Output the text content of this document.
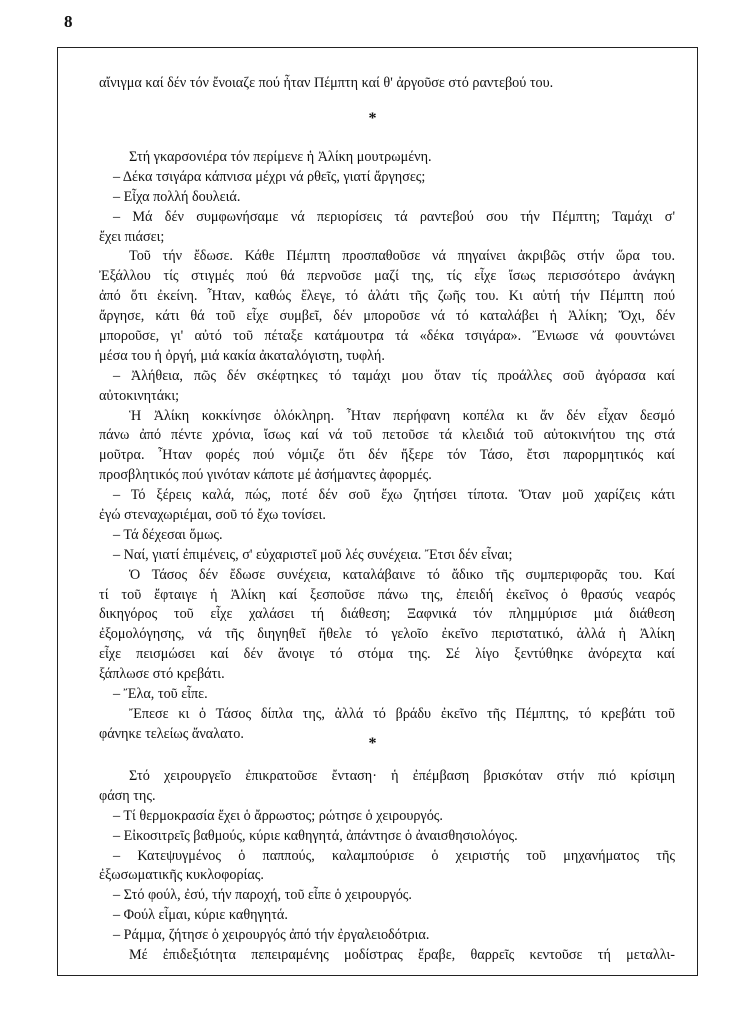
8
αἴνιγμα καί δέν τόν ἔνοιαζε πού ἦταν Πέμπτη καί θ' ἀργοῦσε στό ραντεβού του.
*
Στή γκαρσονιέρα τόν περίμενε ἡ Ἀλίκη μουτρωμένη.
– Δέκα τσιγάρα κάπνισα μέχρι νά ρθεῖς, γιατί ἄργησες;
– Εἶχα πολλή δουλειά.
– Μά δέν συμφωνήσαμε νά περιορίσεις τά ραντεβού σου τήν Πέμπτη; Ταμάχι σ'
ἔχει πιάσει;
Τοῦ τήν ἔδωσε. Κάθε Πέμπτη προσπαθοῦσε νά πηγαίνει ἀκριβῶς στήν ὥρα του.
Ἐξάλλου τίς στιγμές πού θά περνοῦσε μαζί της, τίς εἶχε ἴσως περισσότερο ἀνάγκη
ἀπό ὅτι ἐκείνη. Ἦταν, καθώς ἔλεγε, τό ἁλάτι τῆς ζωῆς του. Κι αὐτή τήν Πέμπτη πού
ἄργησε, κάτι θά τοῦ εἶχε συμβεῖ, δέν μποροῦσε νά τό καταλάβει ἡ Ἀλίκη; Ὄχι, δέν
μποροῦσε, γι' αὐτό τοῦ πέταξε κατάμουτρα τά «δέκα τσιγάρα». Ἔνιωσε νά φουντώνει
μέσα του ἡ ὀργή, μιά κακία ἀκαταλόγιστη, τυφλή.
– Ἀλήθεια, πῶς δέν σκέφτηκες τό ταμάχι μου ὅταν τίς προάλλες σοῦ ἀγόρασα καί
αὐτοκινητάκι;
Ἡ Ἀλίκη κοκκίνησε ὁλόκληρη. Ἦταν περήφανη κοπέλα κι ἄν δέν εἶχαν δεσμό
πάνω ἀπό πέντε χρόνια, ἴσως καί νά τοῦ πετοῦσε τά κλειδιά τοῦ αὐτοκινήτου της στά
μοῦτρα. Ἦταν φορές πού νόμιζε ὅτι δέν ἤξερε τόν Τάσο, ἔτσι παρορμητικός καί
προσβλητικός πού γινόταν κάποτε μέ ἀσήμαντες ἀφορμές.
– Τό ξέρεις καλά, πώς, ποτέ δέν σοῦ ἔχω ζητήσει τίποτα. Ὅταν μοῦ χαρίζεις κάτι
ἐγώ στεναχωριέμαι, σοῦ τό ἔχω τονίσει.
– Τά δέχεσαι ὅμως.
– Ναί, γιατί ἐπιμένεις, σ' εὐχαριστεῖ μοῦ λές συνέχεια. Ἔτσι δέν εἶναι;
Ὁ Τάσος δέν ἔδωσε συνέχεια, καταλάβαινε τό ἄδικο τῆς συμπεριφορᾶς του. Καί
τί τοῦ ἔφταιγε ἡ Ἀλίκη καί ξεσποῦσε πάνω της, ἐπειδή ἐκεῖνος ὁ θρασύς νεαρός
δικηγόρος τοῦ εἶχε χαλάσει τή διάθεση; Ξαφνικά τόν πλημμύρισε μιά διάθεση
ἐξομολόγησης, νά τῆς διηγηθεῖ ἤθελε τό γελοῖο ἐκεῖνο περιστατικό, ἀλλά ἡ Ἀλίκη
εἶχε πεισμώσει καί δέν ἄνοιγε τό στόμα της. Σέ λίγο ξεντύθηκε ἀνόρεχτα καί
ξάπλωσε στό κρεβάτι.
– Ἔλα, τοῦ εἶπε.
Ἔπεσε κι ὁ Τάσος δίπλα της, ἀλλά τό βράδυ ἐκεῖνο τῆς Πέμπτης, τό κρεβάτι τοῦ
φάνηκε τελείως ἄναλατο.
*
Στό χειρουργεῖο ἐπικρατοῦσε ἔνταση· ἡ ἐπέμβαση βρισκόταν στήν πιό κρίσιμη
φάση της.
– Τί θερμοκρασία ἔχει ὁ ἄρρωστος; ρώτησε ὁ χειρουργός.
– Εἰκοσιτρεῖς βαθμούς, κύριε καθηγητά, ἀπάντησε ὁ ἀναισθησιολόγος.
– Κατεψυγμένος ὁ παππούς, καλαμπούρισε ὁ χειριστής τοῦ μηχανήματος τῆς
ἐξωσωματικῆς κυκλοφορίας.
– Στό φούλ, ἐσύ, τήν παροχή, τοῦ εἶπε ὁ χειρουργός.
– Φούλ εἶμαι, κύριε καθηγητά.
– Ράμμα, ζήτησε ὁ χειρουργός ἀπό τήν ἐργαλειοδότρια.
Μέ ἐπιδεξιότητα πεπειραμένης μοδίστρας ἔραβε, θαρρεῖς κεντοῦσε τή μεταλλι-
